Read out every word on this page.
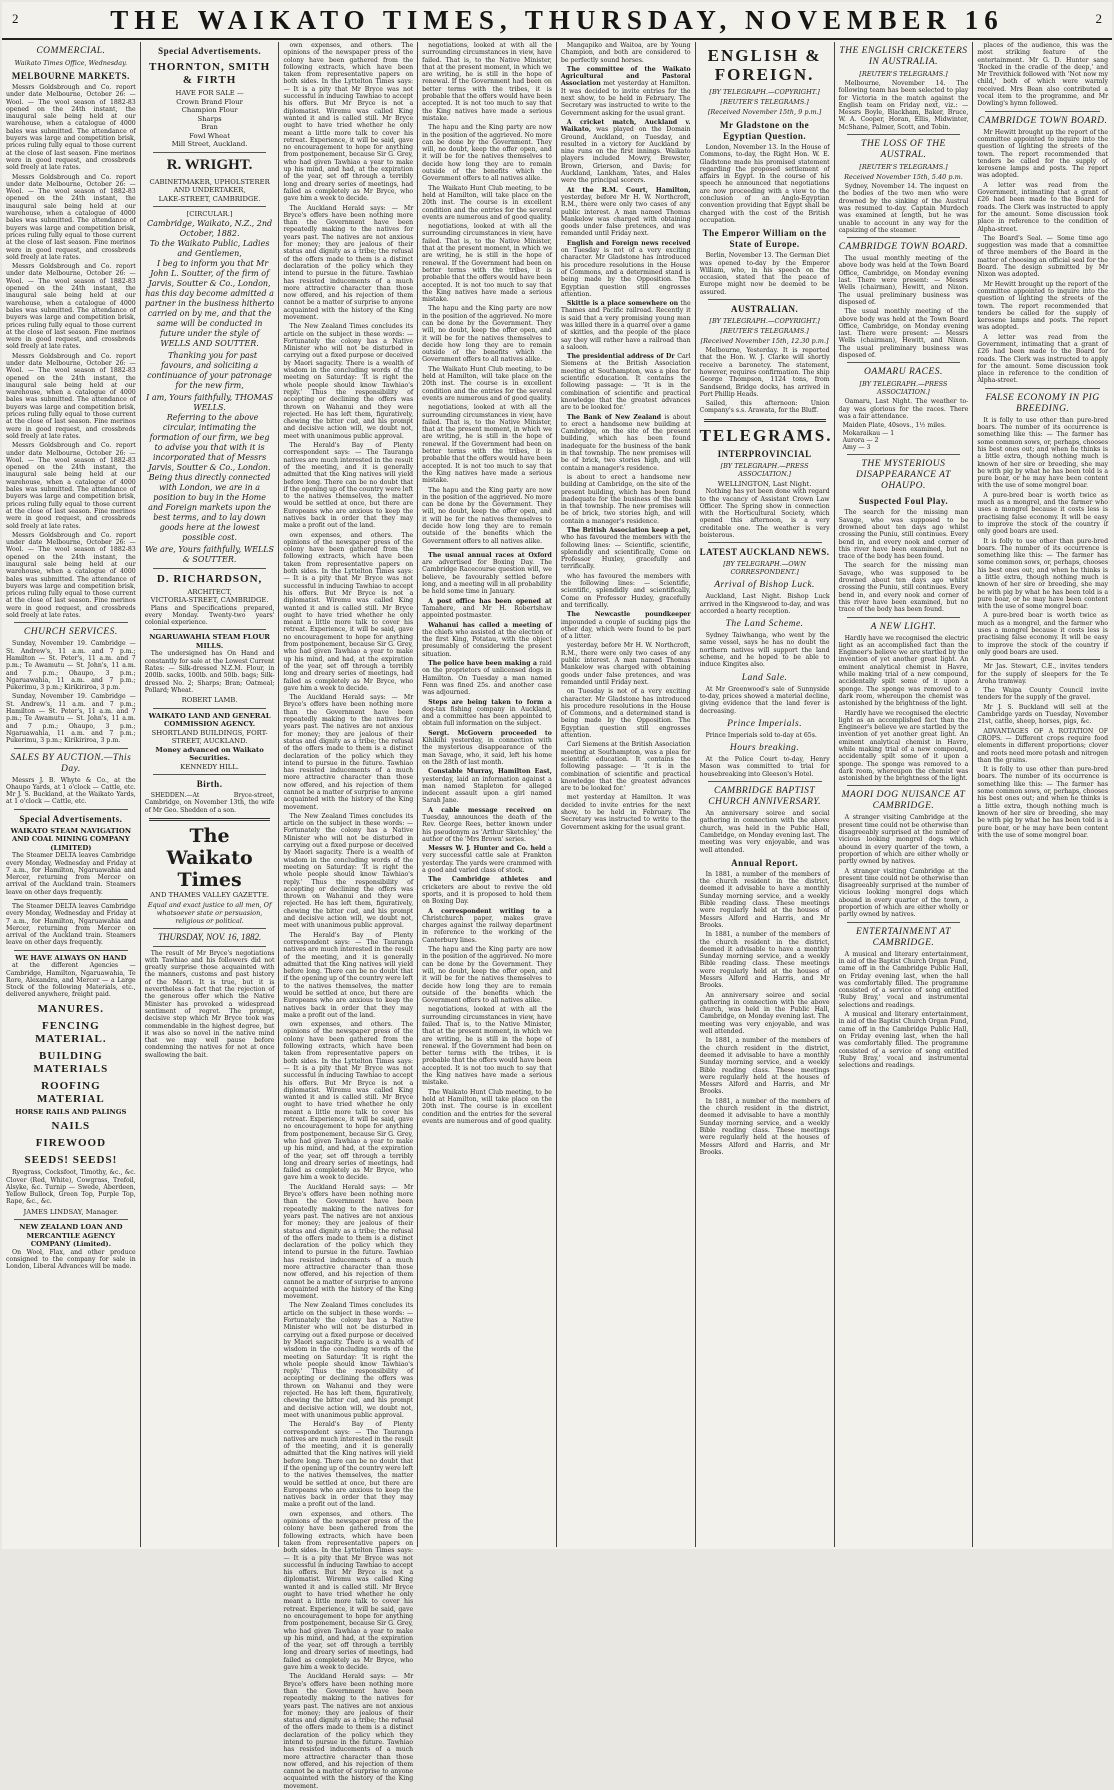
2	THE WAIKATO TIMES, THURSDAY, NOVEMBER 16	2
COMMERCIAL.
Waikato Times Office, Wednesday.
MELBOURNE MARKETS.

Messrs Goldsbrough and Co. report under date Melbourne, October 26: — Wool. — The wool season of 1882-83 opened on the 24th instant, the inaugural sale being held at our warehouse, when a catalogue of 4000 bales was submitted. The attendance of buyers was large and competition brisk, prices ruling fully equal to those current at the close of last season. Fine merinos were in good request, and crossbreds sold freely at late rates.

Messrs Goldsbrough and Co. report under date Melbourne, October 26: — Wool. — The wool season of 1882-83 opened on the 24th instant, the inaugural sale being held at our warehouse, when a catalogue of 4000 bales was submitted. The attendance of buyers was large and competition brisk, prices ruling fully equal to those current at the close of last season. Fine merinos were in good request, and crossbreds sold freely at late rates.

Messrs Goldsbrough and Co. report under date Melbourne, October 26: — Wool. — The wool season of 1882-83 opened on the 24th instant, the inaugural sale being held at our warehouse, when a catalogue of 4000 bales was submitted. The attendance of buyers was large and competition brisk, prices ruling fully equal to those current at the close of last season. Fine merinos were in good request, and crossbreds sold freely at late rates.

Messrs Goldsbrough and Co. report under date Melbourne, October 26: — Wool. — The wool season of 1882-83 opened on the 24th instant, the inaugural sale being held at our warehouse, when a catalogue of 4000 bales was submitted. The attendance of buyers was large and competition brisk, prices ruling fully equal to those current at the close of last season. Fine merinos were in good request, and crossbreds sold freely at late rates.

Messrs Goldsbrough and Co. report under date Melbourne, October 26: — Wool. — The wool season of 1882-83 opened on the 24th instant, the inaugural sale being held at our warehouse, when a catalogue of 4000 bales was submitted. The attendance of buyers was large and competition brisk, prices ruling fully equal to those current at the close of last season. Fine merinos were in good request, and crossbreds sold freely at late rates.

Messrs Goldsbrough and Co. report under date Melbourne, October 26: — Wool. — The wool season of 1882-83 opened on the 24th instant, the inaugural sale being held at our warehouse, when a catalogue of 4000 bales was submitted. The attendance of buyers was large and competition brisk, prices ruling fully equal to those current at the close of last season. Fine merinos were in good request, and crossbreds sold freely at late rates.

CHURCH SERVICES.

Sunday, November 19. Cambridge — St. Andrew's, 11 a.m. and 7 p.m.; Hamilton — St. Peter's, 11 a.m. and 7 p.m.; Te Awamutu — St. John's, 11 a.m. and 7 p.m.; Ohaupo, 3 p.m.; Ngaruawahia, 11 a.m. and 7 p.m.; Pukerimu, 3 p.m.; Kirikiriroa, 3 p.m.

Sunday, November 19. Cambridge — St. Andrew's, 11 a.m. and 7 p.m.; Hamilton — St. Peter's, 11 a.m. and 7 p.m.; Te Awamutu — St. John's, 11 a.m. and 7 p.m.; Ohaupo, 3 p.m.; Ngaruawahia, 11 a.m. and 7 p.m.; Pukerimu, 3 p.m.; Kirikiriroa, 3 p.m.

SALES BY AUCTION.—This Day.

Messrs J. B. Whyte & Co., at the Ohaupo Yards, at 1 o'clock — Cattle, etc. Mr J. S. Buckland, at the Waikato Yards, at 1 o'clock — Cattle, etc.

Special Advertisements.
WAIKATO STEAM NAVIGATION AND COAL MINING COMPANY (LIMITED)

The Steamer DELTA leaves Cambridge every Monday, Wednesday and Friday at 7 a.m., for Hamilton, Ngaruawahia and Mercer, returning from Mercer on arrival of the Auckland train. Steamers leave on other days frequently.

The Steamer DELTA leaves Cambridge every Monday, Wednesday and Friday at 7 a.m., for Hamilton, Ngaruawahia and Mercer, returning from Mercer on arrival of the Auckland train. Steamers leave on other days frequently.

WE HAVE ALWAYS ON HAND

at the different Agencies — Cambridge, Hamilton, Ngaruawahia, Te Rore, Alexandra, and Mercer — a Large Stock of the following Materials, etc., delivered anywhere, freight paid.

MANURES.
FENCING MATERIAL.
BUILDING MATERIALS
ROOFING MATERIAL
HORSE RAILS AND PALINGS
NAILS
FIREWOOD
SEEDS! SEEDS!

Ryegrass, Cocksfoot, Timothy, &c., &c. Clover (Red, White), Cowgrass, Trefoil, Alsyke, &c. Turnip — Swede, Aberdeen, Yellow Bullock, Green Top, Purple Top, Rape, &c., &c.

JAMES LINDSAY, Manager.
NEW ZEALAND LOAN AND MERCANTILE AGENCY COMPANY (Limited).

On Wool, Flax, and other produce consigned to the company for sale in London, Liberal Advances will be made.

Special Advertisements.
THORNTON, SMITH & FIRTH
HAVE FOR SALE —
Crown Brand Flour
Champion Flour
Sharps
Bran
Fowl Wheat
Mill Street, Auckland.
R. WRIGHT.
CABINETMAKER, UPHOLSTERER AND UNDERTAKER,
LAKE-STREET, CAMBRIDGE.
[CIRCULAR.]
Cambridge, Waikato, N.Z., 2nd October, 1882.
To the Waikato Public, Ladies and Gentlemen,

I beg to inform you that Mr John L. Soutter, of the firm of Jarvis, Soutter & Co., London, has this day become admitted a partner in the business hitherto carried on by me, and that the same will be conducted in future under the style of WELLS AND SOUTTER.

Thanking you for past favours, and soliciting a continuance of your patronage for the new firm,

I am, Yours faithfully, THOMAS WELLS.

Referring to the above circular, intimating the formation of our firm, we beg to advise you that with it is incorporated that of Messrs Jarvis, Soutter & Co., London. Being thus directly connected with London, we are in a position to buy in the Home and Foreign markets upon the best terms, and to lay down goods here at the lowest possible cost.

We are, Yours faithfully, WELLS & SOUTTER.
D. RICHARDSON,
ARCHITECT,
VICTORIA-STREET, CAMBRIDGE.

Plans and Specifications prepared, every Monday. Twenty-two years' colonial experience.

NGARUAWAHIA STEAM FLOUR MILLS.

The undersigned has On Hand and constantly for sale at the Lowest Current Rates: — Silk-dressed N.Z.M. Flour, in 200lb. sacks, 100lb. and 50lb. bags; Silk-dressed No. 2; Sharps; Bran; Oatmeal; Pollard; Wheat.

ROBERT LAMB.
WAIKATO LAND AND GENERAL COMMISSION AGENCY.
SHORTLAND BUILDINGS, FORT-STREET, AUCKLAND.
Money advanced on Waikato Securities.
KENNEDY HILL.
Birth.

SHEDDEN.—At Bryce-street, Cambridge, on November 13th, the wife of Mr Geo. Shedden of a son.

The Waikato Times
AND THAMES VALLEY GAZETTE.
Equal and exact justice to all men, Of whatsoever state or persuasion, religious or political.
THURSDAY, NOV. 16, 1882.

The result of Mr Bryce's negotiations with Tawhiao and his followers did not greatly surprise those acquainted with the manners, customs and past history of the Maori. It is true, but it is nevertheless a fact that the rejection of the generous offer which the Native Minister has provoked a widespread sentiment of regret. The prompt, decisive step which Mr Bryce took was commendable in the highest degree, but it was also so novel in the native mind that we may well pause before condemning the natives for not at once swallowing the bait.

own expenses, and others. The opinions of the newspaper press of the colony have been gathered from the following extracts, which have been taken from representative papers on both sides. In the Lyttelton Times says: — It is a pity that Mr Bryce was not successful in inducing Tawhiao to accept his offers. But Mr Bryce is not a diplomatist. Wiremu was called King wanted it and is called still. Mr Bryce ought to have tried whether he only meant a little more talk to cover his retreat. Experience, it will be said, gave no encouragement to hope for anything from postponement, because Sir G. Grey, who had given Tawhiao a year to make up his mind, and had, at the expiration of the year, set off through a terribly long and dreary series of meetings, had failed as completely as Mr Bryce, who gave him a week to decide.

The Auckland Herald says: — Mr Bryce's offers have been nothing more than the Government have been repeatedly making to the natives for years past. The natives are not anxious for money; they are jealous of their status and dignity as a tribe; the refusal of the offers made to them is a distinct declaration of the policy which they intend to pursue in the future. Tawhiao has resisted inducements of a much more attractive character than those now offered, and his rejection of them cannot be a matter of surprise to anyone acquainted with the history of the King movement.

The New Zealand Times concludes its article on the subject in these words: — Fortunately the colony has a Native Minister who will not be disturbed in carrying out a fixed purpose or deceived by Maori sagacity. There is a wealth of wisdom in the concluding words of the meeting on Saturday: 'It is right the whole people should know Tawhiao's reply.' Thus the responsibility of accepting or declining the offers was thrown on Wahanui and they were rejected. He has left them, figuratively, chewing the bitter cud, and his prompt and decisive action will, we doubt not, meet with unanimous public approval.

The Herald's Bay of Plenty correspondent says: — The Tauranga natives are much interested in the result of the meeting, and it is generally admitted that the King natives will yield before long. There can be no doubt that if the opening up of the country were left to the natives themselves, the matter would be settled at once, but there are Europeans who are anxious to keep the natives back in order that they may make a profit out of the land.

own expenses, and others. The opinions of the newspaper press of the colony have been gathered from the following extracts, which have been taken from representative papers on both sides. In the Lyttelton Times says: — It is a pity that Mr Bryce was not successful in inducing Tawhiao to accept his offers. But Mr Bryce is not a diplomatist. Wiremu was called King wanted it and is called still. Mr Bryce ought to have tried whether he only meant a little more talk to cover his retreat. Experience, it will be said, gave no encouragement to hope for anything from postponement, because Sir G. Grey, who had given Tawhiao a year to make up his mind, and had, at the expiration of the year, set off through a terribly long and dreary series of meetings, had failed as completely as Mr Bryce, who gave him a week to decide.

The Auckland Herald says: — Mr Bryce's offers have been nothing more than the Government have been repeatedly making to the natives for years past. The natives are not anxious for money; they are jealous of their status and dignity as a tribe; the refusal of the offers made to them is a distinct declaration of the policy which they intend to pursue in the future. Tawhiao has resisted inducements of a much more attractive character than those now offered, and his rejection of them cannot be a matter of surprise to anyone acquainted with the history of the King movement.

The New Zealand Times concludes its article on the subject in these words: — Fortunately the colony has a Native Minister who will not be disturbed in carrying out a fixed purpose or deceived by Maori sagacity. There is a wealth of wisdom in the concluding words of the meeting on Saturday: 'It is right the whole people should know Tawhiao's reply.' Thus the responsibility of accepting or declining the offers was thrown on Wahanui and they were rejected. He has left them, figuratively, chewing the bitter cud, and his prompt and decisive action will, we doubt not, meet with unanimous public approval.

The Herald's Bay of Plenty correspondent says: — The Tauranga natives are much interested in the result of the meeting, and it is generally admitted that the King natives will yield before long. There can be no doubt that if the opening up of the country were left to the natives themselves, the matter would be settled at once, but there are Europeans who are anxious to keep the natives back in order that they may make a profit out of the land.

own expenses, and others. The opinions of the newspaper press of the colony have been gathered from the following extracts, which have been taken from representative papers on both sides. In the Lyttelton Times says: — It is a pity that Mr Bryce was not successful in inducing Tawhiao to accept his offers. But Mr Bryce is not a diplomatist. Wiremu was called King wanted it and is called still. Mr Bryce ought to have tried whether he only meant a little more talk to cover his retreat. Experience, it will be said, gave no encouragement to hope for anything from postponement, because Sir G. Grey, who had given Tawhiao a year to make up his mind, and had, at the expiration of the year, set off through a terribly long and dreary series of meetings, had failed as completely as Mr Bryce, who gave him a week to decide.

The Auckland Herald says: — Mr Bryce's offers have been nothing more than the Government have been repeatedly making to the natives for years past. The natives are not anxious for money; they are jealous of their status and dignity as a tribe; the refusal of the offers made to them is a distinct declaration of the policy which they intend to pursue in the future. Tawhiao has resisted inducements of a much more attractive character than those now offered, and his rejection of them cannot be a matter of surprise to anyone acquainted with the history of the King movement.

The New Zealand Times concludes its article on the subject in these words: — Fortunately the colony has a Native Minister who will not be disturbed in carrying out a fixed purpose or deceived by Maori sagacity. There is a wealth of wisdom in the concluding words of the meeting on Saturday: 'It is right the whole people should know Tawhiao's reply.' Thus the responsibility of accepting or declining the offers was thrown on Wahanui and they were rejected. He has left them, figuratively, chewing the bitter cud, and his prompt and decisive action will, we doubt not, meet with unanimous public approval.

The Herald's Bay of Plenty correspondent says: — The Tauranga natives are much interested in the result of the meeting, and it is generally admitted that the King natives will yield before long. There can be no doubt that if the opening up of the country were left to the natives themselves, the matter would be settled at once, but there are Europeans who are anxious to keep the natives back in order that they may make a profit out of the land.

own expenses, and others. The opinions of the newspaper press of the colony have been gathered from the following extracts, which have been taken from representative papers on both sides. In the Lyttelton Times says: — It is a pity that Mr Bryce was not successful in inducing Tawhiao to accept his offers. But Mr Bryce is not a diplomatist. Wiremu was called King wanted it and is called still. Mr Bryce ought to have tried whether he only meant a little more talk to cover his retreat. Experience, it will be said, gave no encouragement to hope for anything from postponement, because Sir G. Grey, who had given Tawhiao a year to make up his mind, and had, at the expiration of the year, set off through a terribly long and dreary series of meetings, had failed as completely as Mr Bryce, who gave him a week to decide.

The Auckland Herald says: — Mr Bryce's offers have been nothing more than the Government have been repeatedly making to the natives for years past. The natives are not anxious for money; they are jealous of their status and dignity as a tribe; the refusal of the offers made to them is a distinct declaration of the policy which they intend to pursue in the future. Tawhiao has resisted inducements of a much more attractive character than those now offered, and his rejection of them cannot be a matter of surprise to anyone acquainted with the history of the King movement.

negotiations, looked at with all the surrounding circumstances in view, have failed. That is, to the Native Minister, that at the present moment, in which we are writing, he is still in the hope of renewal. If the Government had been on better terms with the tribes, it is probable that the offers would have been accepted. It is not too much to say that the King natives have made a serious mistake.

The hapu and the King party are now in the position of the aggrieved. No more can be done by the Government. They will, no doubt, keep the offer open, and it will be for the natives themselves to decide how long they are to remain outside of the benefits which the Government offers to all natives alike.

The Waikato Hunt Club meeting, to be held at Hamilton, will take place on the 20th inst. The course is in excellent condition and the entries for the several events are numerous and of good quality.

negotiations, looked at with all the surrounding circumstances in view, have failed. That is, to the Native Minister, that at the present moment, in which we are writing, he is still in the hope of renewal. If the Government had been on better terms with the tribes, it is probable that the offers would have been accepted. It is not too much to say that the King natives have made a serious mistake.

The hapu and the King party are now in the position of the aggrieved. No more can be done by the Government. They will, no doubt, keep the offer open, and it will be for the natives themselves to decide how long they are to remain outside of the benefits which the Government offers to all natives alike.

The Waikato Hunt Club meeting, to be held at Hamilton, will take place on the 20th inst. The course is in excellent condition and the entries for the several events are numerous and of good quality.

negotiations, looked at with all the surrounding circumstances in view, have failed. That is, to the Native Minister, that at the present moment, in which we are writing, he is still in the hope of renewal. If the Government had been on better terms with the tribes, it is probable that the offers would have been accepted. It is not too much to say that the King natives have made a serious mistake.

The hapu and the King party are now in the position of the aggrieved. No more can be done by the Government. They will, no doubt, keep the offer open, and it will be for the natives themselves to decide how long they are to remain outside of the benefits which the Government offers to all natives alike.

The usual annual races at Oxford are advertised for Boxing Day. The Cambridge Racecourse question will, we believe, be favourably settled before long, and a meeting will in all probability be held some time in January.

A post office has been opened at Tamahere, and Mr H. Robertshaw appointed postmaster.

Wahanui has called a meeting of the chiefs who assisted at the election of the first King, Potatau, with the object presumably of considering the present situation.

The police have been making a raid on the proprietors of unlicensed dogs in Hamilton. On Tuesday a man named Fenn was fined 25s. and another case was adjourned.

Steps are being taken to form a dog-tax fishing company in Auckland, and a committee has been appointed to obtain full information on the subject.

Sergt. McGovern proceeded to Kihikihi yesterday, in connection with the mysterious disappearance of the man Savage, who, it said, left his home on the 28th of last month.

Constable Murray, Hamilton East, yesterday, laid an information against a man named Stapleton for alleged indecent assault upon a girl named Sarah Jane.

A cable message received on Tuesday, announces the death of the Rev. George Rees, better known under his pseudonym as 'Arthur Sketchley,' the author of the 'Mrs Brown' series.

Messrs W. J. Hunter and Co. held a very successful cattle sale at Frankton yesterday. The yards were crammed with a good and varied class of stock.

The Cambridge athletes and cricketers are about to revive the old sports, and it is proposed to hold them on Boxing Day.

A correspondent writing to a Christchurch paper, makes grave charges against the railway department in reference to the working of the Canterbury lines.

The hapu and the King party are now in the position of the aggrieved. No more can be done by the Government. They will, no doubt, keep the offer open, and it will be for the natives themselves to decide how long they are to remain outside of the benefits which the Government offers to all natives alike.

negotiations, looked at with all the surrounding circumstances in view, have failed. That is, to the Native Minister, that at the present moment, in which we are writing, he is still in the hope of renewal. If the Government had been on better terms with the tribes, it is probable that the offers would have been accepted. It is not too much to say that the King natives have made a serious mistake.

The Waikato Hunt Club meeting, to be held at Hamilton, will take place on the 20th inst. The course is in excellent condition and the entries for the several events are numerous and of good quality.

Mangapiko and Waitoa, are by Young Champion, and both are considered to be perfectly sound horses.

The committee of the Waikato Agricultural and Pastoral Association met yesterday at Hamilton. It was decided to invite entries for the next show, to be held in February. The Secretary was instructed to write to the Government asking for the usual grant.

A cricket match, Auckland v. Waikato, was played on the Domain Ground, Auckland, on Tuesday, and resulted in a victory for Auckland by nine runs on the first innings. Waikato players included Mowry, Brewster, Brown, Grierson, and Davis; for Auckland, Lankham, Yates, and Hales were the principal scorers.

At the R.M. Court, Hamilton, yesterday, before Mr H. W. Northcroft, R.M., there were only two cases of any public interest. A man named Thomas Mankelow was charged with obtaining goods under false pretences, and was remanded until Friday next.

English and Foreign news received on Tuesday is not of a very exciting character. Mr Gladstone has introduced his procedure resolutions in the House of Commons, and a determined stand is being made by the Opposition. The Egyptian question still engrosses attention.

Skittle is a place somewhere on the Thames and Pacific railroad. Recently it is said that a very promising young man was killed there in a quarrel over a game of skittles, and the people of the place say they will rather have a railroad than a saloon.

The presidential address of Dr Carl Siemens at the British Association meeting at Southampton, was a plea for scientific education. It contains the following passage: — 'It is in the combination of scientific and practical knowledge that the greatest advances are to be looked for.'

The Bank of New Zealand is about to erect a handsome new building at Cambridge, on the site of the present building, which has been found inadequate for the business of the bank in that township. The new premises will be of brick, two stories high, and will contain a manager's residence.

is about to erect a handsome new building at Cambridge, on the site of the present building, which has been found inadequate for the business of the bank in that township. The new premises will be of brick, two stories high, and will contain a manager's residence.

The British Association keep a pet, who has favoured the members with the following lines: — Scientific, scientific, splendidly and scientifically, Come on Professor Huxley, gracefully and terrifically.

who has favoured the members with the following lines: — Scientific, scientific, splendidly and scientifically, Come on Professor Huxley, gracefully and terrifically.

The Newcastle poundkeeper impounded a couple of sucking pigs the other day, which were found to be part of a litter.

yesterday, before Mr H. W. Northcroft, R.M., there were only two cases of any public interest. A man named Thomas Mankelow was charged with obtaining goods under false pretences, and was remanded until Friday next.

on Tuesday is not of a very exciting character. Mr Gladstone has introduced his procedure resolutions in the House of Commons, and a determined stand is being made by the Opposition. The Egyptian question still engrosses attention.

Carl Siemens at the British Association meeting at Southampton, was a plea for scientific education. It contains the following passage: — 'It is in the combination of scientific and practical knowledge that the greatest advances are to be looked for.'

met yesterday at Hamilton. It was decided to invite entries for the next show, to be held in February. The Secretary was instructed to write to the Government asking for the usual grant.

ENGLISH & FOREIGN.
[BY TELEGRAPH.—COPYRIGHT.]
[REUTER'S TELEGRAMS.]
[Received November 15th, 9 p.m.]
Mr Gladstone on the Egyptian Question.

London, November 13. In the House of Commons, to-day, the Right Hon. W. E. Gladstone made his promised statement regarding the proposed settlement of affairs in Egypt. In the course of his speech he announced that negotiations are now proceeding with a view to the conclusion of an Anglo-Egyptian convention providing that Egypt shall be charged with the cost of the British occupation.

The Emperor William on the State of Europe.

Berlin, November 13. The German Diet was opened to-day by the Emperor William, who, in his speech on the occasion, stated that the peace of Europe might now be deemed to be assured.

AUSTRALIAN.
[BY TELEGRAPH.—COPYRIGHT.]
[REUTER'S TELEGRAMS.]
[Received November 15th, 12.30 p.m.]

Melbourne, Yesterday. It is reported that the Hon. W. J. Clarke will shortly receive a baronetcy. The statement, however, requires confirmation. The ship George Thompson, 1124 tons, from Sandsend, Bridge docks, has arrived in Port Phillip Heads.

Sailed, this afternoon: Union Company's s.s. Arawata, for the Bluff.

TELEGRAMS.
INTERPROVINCIAL
[BY TELEGRAPH.—PRESS ASSOCIATION.]
WELLINGTON, Last Night.

Nothing has yet been done with regard to the vacancy of Assistant Crown Law Officer. The Spring show in connection with the Horticultural Society, which opened this afternoon, is a very creditable one. The weather is very boisterous.

LATEST AUCKLAND NEWS.
[BY TELEGRAPH.—OWN CORRESPONDENT.]
Arrival of Bishop Luck.

Auckland, Last Night. Bishop Luck arrived in the Kingswood to-day, and was accorded a hearty reception.

The Land Scheme.

Sydney Taiwhanga, who went by the same vessel, says he has no doubt the northern natives will support the land scheme, and he hoped to be able to induce Kingites also.

Land Sale.

At Mr Greenwood's sale of Sunnyside to-day, prices showed a material decline, giving evidence that the land fever is decreasing.

Prince Imperials.

Prince Imperials sold to-day at 65s.

Hours breaking.

At the Police Court to-day, Henry Mason was committed to trial for housebreaking into Gleeson's Hotel.

CAMBRIDGE BAPTIST CHURCH ANNIVERSARY.

An anniversary soiree and social gathering in connection with the above church, was held in the Public Hall, Cambridge, on Monday evening last. The meeting was very enjoyable, and was well attended.

Annual Report.

In 1881, a number of the members of the church resident in the district, deemed it advisable to have a monthly Sunday morning service, and a weekly Bible reading class. These meetings were regularly held at the houses of Messrs Alford and Harris, and Mr Brooks.

In 1881, a number of the members of the church resident in the district, deemed it advisable to have a monthly Sunday morning service, and a weekly Bible reading class. These meetings were regularly held at the houses of Messrs Alford and Harris, and Mr Brooks.

An anniversary soiree and social gathering in connection with the above church, was held in the Public Hall, Cambridge, on Monday evening last. The meeting was very enjoyable, and was well attended.

In 1881, a number of the members of the church resident in the district, deemed it advisable to have a monthly Sunday morning service, and a weekly Bible reading class. These meetings were regularly held at the houses of Messrs Alford and Harris, and Mr Brooks.

In 1881, a number of the members of the church resident in the district, deemed it advisable to have a monthly Sunday morning service, and a weekly Bible reading class. These meetings were regularly held at the houses of Messrs Alford and Harris, and Mr Brooks.

THE ENGLISH CRICKETERS IN AUSTRALIA.
[REUTER'S TELEGRAMS.]

Melbourne, November 14. The following team has been selected to play for Victoria in the match against the English team on Friday next, viz.: — Messrs Boyle, Blackham, Baker, Bruce, W. A. Cooper, Horan, Ellis, Midwinter, McShane, Palmer, Scott, and Tobin.

THE LOSS OF THE AUSTRAL.
[REUTER'S TELEGRAMS.]
Received November 15th, 5.40 p.m.

Sydney, November 14. The inquest on the bodies of the two men who were drowned by the sinking of the Austral was resumed to-day. Captain Murdoch was examined at length, but he was unable to account in any way for the capsizing of the steamer.

CAMBRIDGE TOWN BOARD.

The usual monthly meeting of the above body was held at the Town Board Office, Cambridge, on Monday evening last. There were present: — Messrs Wells (chairman), Hewitt, and Nixon. The usual preliminary business was disposed of.

The usual monthly meeting of the above body was held at the Town Board Office, Cambridge, on Monday evening last. There were present: — Messrs Wells (chairman), Hewitt, and Nixon. The usual preliminary business was disposed of.

OAMARU RACES.
[BY TELEGRAPH.—PRESS ASSOCIATION.]

Oamaru, Last Night. The weather to-day was glorious for the races. There was a fair attendance.

Maiden Plate, 40sovs., 1½ miles.
Mokaraikau — 1
Aurora — 2
Amy — 3
THE MYSTERIOUS DISAPPEARANCE AT OHAUPO.
Suspected Foul Play.

The search for the missing man Savage, who was supposed to be drowned about ten days ago whilst crossing the Puniu, still continues. Every bend in, and every nook and corner of this river have been examined, but no trace of the body has been found.

The search for the missing man Savage, who was supposed to be drowned about ten days ago whilst crossing the Puniu, still continues. Every bend in, and every nook and corner of this river have been examined, but no trace of the body has been found.

A NEW LIGHT.

Hardly have we recognised the electric light as an accomplished fact than the Engineer's believe we are startled by the invention of yet another great light. An eminent analytical chemist in Havre, while making trial of a new compound, accidentally spilt some of it upon a sponge. The sponge was removed to a dark room, whereupon the chemist was astonished by the brightness of the light.

Hardly have we recognised the electric light as an accomplished fact than the Engineer's believe we are startled by the invention of yet another great light. An eminent analytical chemist in Havre, while making trial of a new compound, accidentally spilt some of it upon a sponge. The sponge was removed to a dark room, whereupon the chemist was astonished by the brightness of the light.

MAORI DOG NUISANCE AT CAMBRIDGE.

A stranger visiting Cambridge at the present time could not be otherwise than disagreeably surprised at the number of vicious looking mongrel dogs which abound in every quarter of the town, a proportion of which are either wholly or partly owned by natives.

A stranger visiting Cambridge at the present time could not be otherwise than disagreeably surprised at the number of vicious looking mongrel dogs which abound in every quarter of the town, a proportion of which are either wholly or partly owned by natives.

ENTERTAINMENT AT CAMBRIDGE.

A musical and literary entertainment, in aid of the Baptist Church Organ Fund, came off in the Cambridge Public Hall, on Friday evening last, when the hall was comfortably filled. The programme consisted of a service of song entitled 'Ruby Bray,' vocal and instrumental selections and readings.

A musical and literary entertainment, in aid of the Baptist Church Organ Fund, came off in the Cambridge Public Hall, on Friday evening last, when the hall was comfortably filled. The programme consisted of a service of song entitled 'Ruby Bray,' vocal and instrumental selections and readings.

places of the audience, this was the most striking feature of the entertainment. Mr G. D. Hunter sang 'Rocked in the cradle of the deep,' and Mr Trevithick followed with 'Not now my child,' both of which were warmly received. Mrs Bean also contributed a vocal item to the programme, and Mr Dowling's hymn followed.

CAMBRIDGE TOWN BOARD.

Mr Hewitt brought up the report of the committee appointed to inquire into the question of lighting the streets of the town. The report recommended that tenders be called for the supply of kerosene lamps and posts. The report was adopted.

A letter was read from the Government, intimating that a grant of £26 had been made to the Board for roads. The Clerk was instructed to apply for the amount. Some discussion took place in reference to the condition of Alpha-street.

The Board's Seal. — Some time ago suggestion was made that a committee of three members of the Board in the matter of choosing an official seal for the Board. The design submitted by Mr Nixon was adopted.

Mr Hewitt brought up the report of the committee appointed to inquire into the question of lighting the streets of the town. The report recommended that tenders be called for the supply of kerosene lamps and posts. The report was adopted.

A letter was read from the Government, intimating that a grant of £26 had been made to the Board for roads. The Clerk was instructed to apply for the amount. Some discussion took place in reference to the condition of Alpha-street.

FALSE ECONOMY IN PIG BREEDING.

It is folly to use other than pure-bred boars. The number of its occurrence is something like this: — The farmer has some common sows, or, perhaps, chooses his best ones out; and when he thinks is a little extra, though nothing much is known of her sire or breeding, she may be with pig by what he has been told is a pure boar, or he may have been content with the use of some mongrel boar.

A pure-bred boar is worth twice as much as a mongrel, and the farmer who uses a mongrel because it costs less is practising false economy. It will be easy to improve the stock of the country if only good boars are used.

It is folly to use other than pure-bred boars. The number of its occurrence is something like this: — The farmer has some common sows, or, perhaps, chooses his best ones out; and when he thinks is a little extra, though nothing much is known of her sire or breeding, she may be with pig by what he has been told is a pure boar, or he may have been content with the use of some mongrel boar.

A pure-bred boar is worth twice as much as a mongrel, and the farmer who uses a mongrel because it costs less is practising false economy. It will be easy to improve the stock of the country if only good boars are used.

Mr Jas. Stewart, C.E., invites tenders for the supply of sleepers for the Te Aroha tramway.

The Waipa County Council invite tenders for the supply of the gravel.

Mr J. S. Buckland will sell at the Cambridge yards on Tuesday, November 21st, cattle, sheep, horses, pigs, &c.

ADVANTAGES OF A ROTATION OF CROPS. — Different crops require food elements in different proportions; clover and roots need more potash and nitrogen than the grains.

It is folly to use other than pure-bred boars. The number of its occurrence is something like this: — The farmer has some common sows, or, perhaps, chooses his best ones out; and when he thinks is a little extra, though nothing much is known of her sire or breeding, she may be with pig by what he has been told is a pure boar, or he may have been content with the use of some mongrel boar.
